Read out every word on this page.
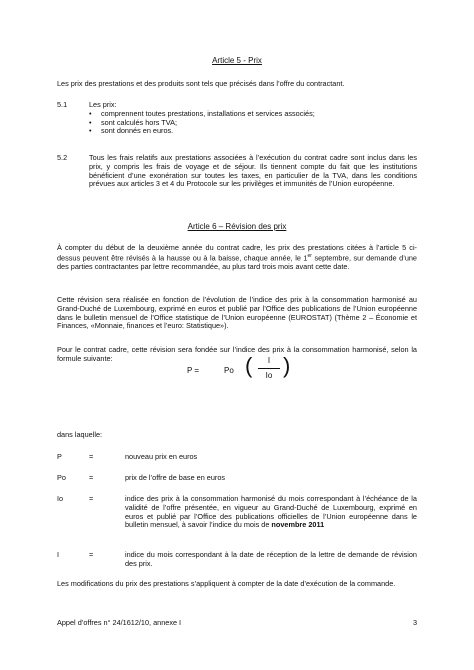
Article 5 - Prix
Les prix des prestations et des produits sont tels que précisés dans l’offre du contractant.
5.1	Les prix:
• comprennent toutes prestations, installations et services associés;
• sont calculés hors TVA;
• sont donnés en euros.
5.2	Tous les frais relatifs aux prestations associées à l’exécution du contrat cadre sont inclus dans les prix, y compris les frais de voyage et de séjour. Ils tiennent compte du fait que les institutions bénéficient d’une exonération sur toutes les taxes, en particulier de la TVA, dans les conditions prévues aux articles 3 et 4 du Protocole sur les privilèges et immunités de l’Union européenne.
Article 6 – Révision des prix
À compter du début de la deuxième année du contrat cadre, les prix des prestations citées à l’article 5 ci-dessus peuvent être révisés à la hausse ou à la baisse, chaque année, le 1er septembre, sur demande d’une des parties contractantes par lettre recommandée, au plus tard trois mois avant cette date.
Cette révision sera réalisée en fonction de l’évolution de l’indice des prix à la consommation harmonisé au Grand-Duché de Luxembourg, exprimé en euros et publié par l’Office des publications de l’Union européenne dans le bulletin mensuel de l’Office statistique de l’Union européenne (EUROSTAT) (Thème 2 – Économie et Finances, «Monnaie, finances et l’euro: Statistique»).
Pour le contrat cadre, cette révision sera fondée sur l’indice des prix à la consommation harmonisé, selon la formule suivante:
P =	Po (	I
Io )
dans laquelle:
P	=	nouveau prix en euros
Po	=	prix de l’offre de base en euros
Io	=	indice des prix à la consommation harmonisé du mois correspondant à l’échéance de la validité de l’offre présentée, en vigueur au Grand-Duché de Luxembourg, exprimé en euros et publié par l’Office des publications officielles de l’Union européenne dans le bulletin mensuel, à savoir l’indice du mois de novembre 2011
I	=	indice du mois correspondant à la date de réception de la lettre de demande de révision des prix.
Les modifications du prix des prestations s’appliquent à compter de la date d’exécution de la commande.
Appel d’offres n° 24/1612/10, annexe I	3
